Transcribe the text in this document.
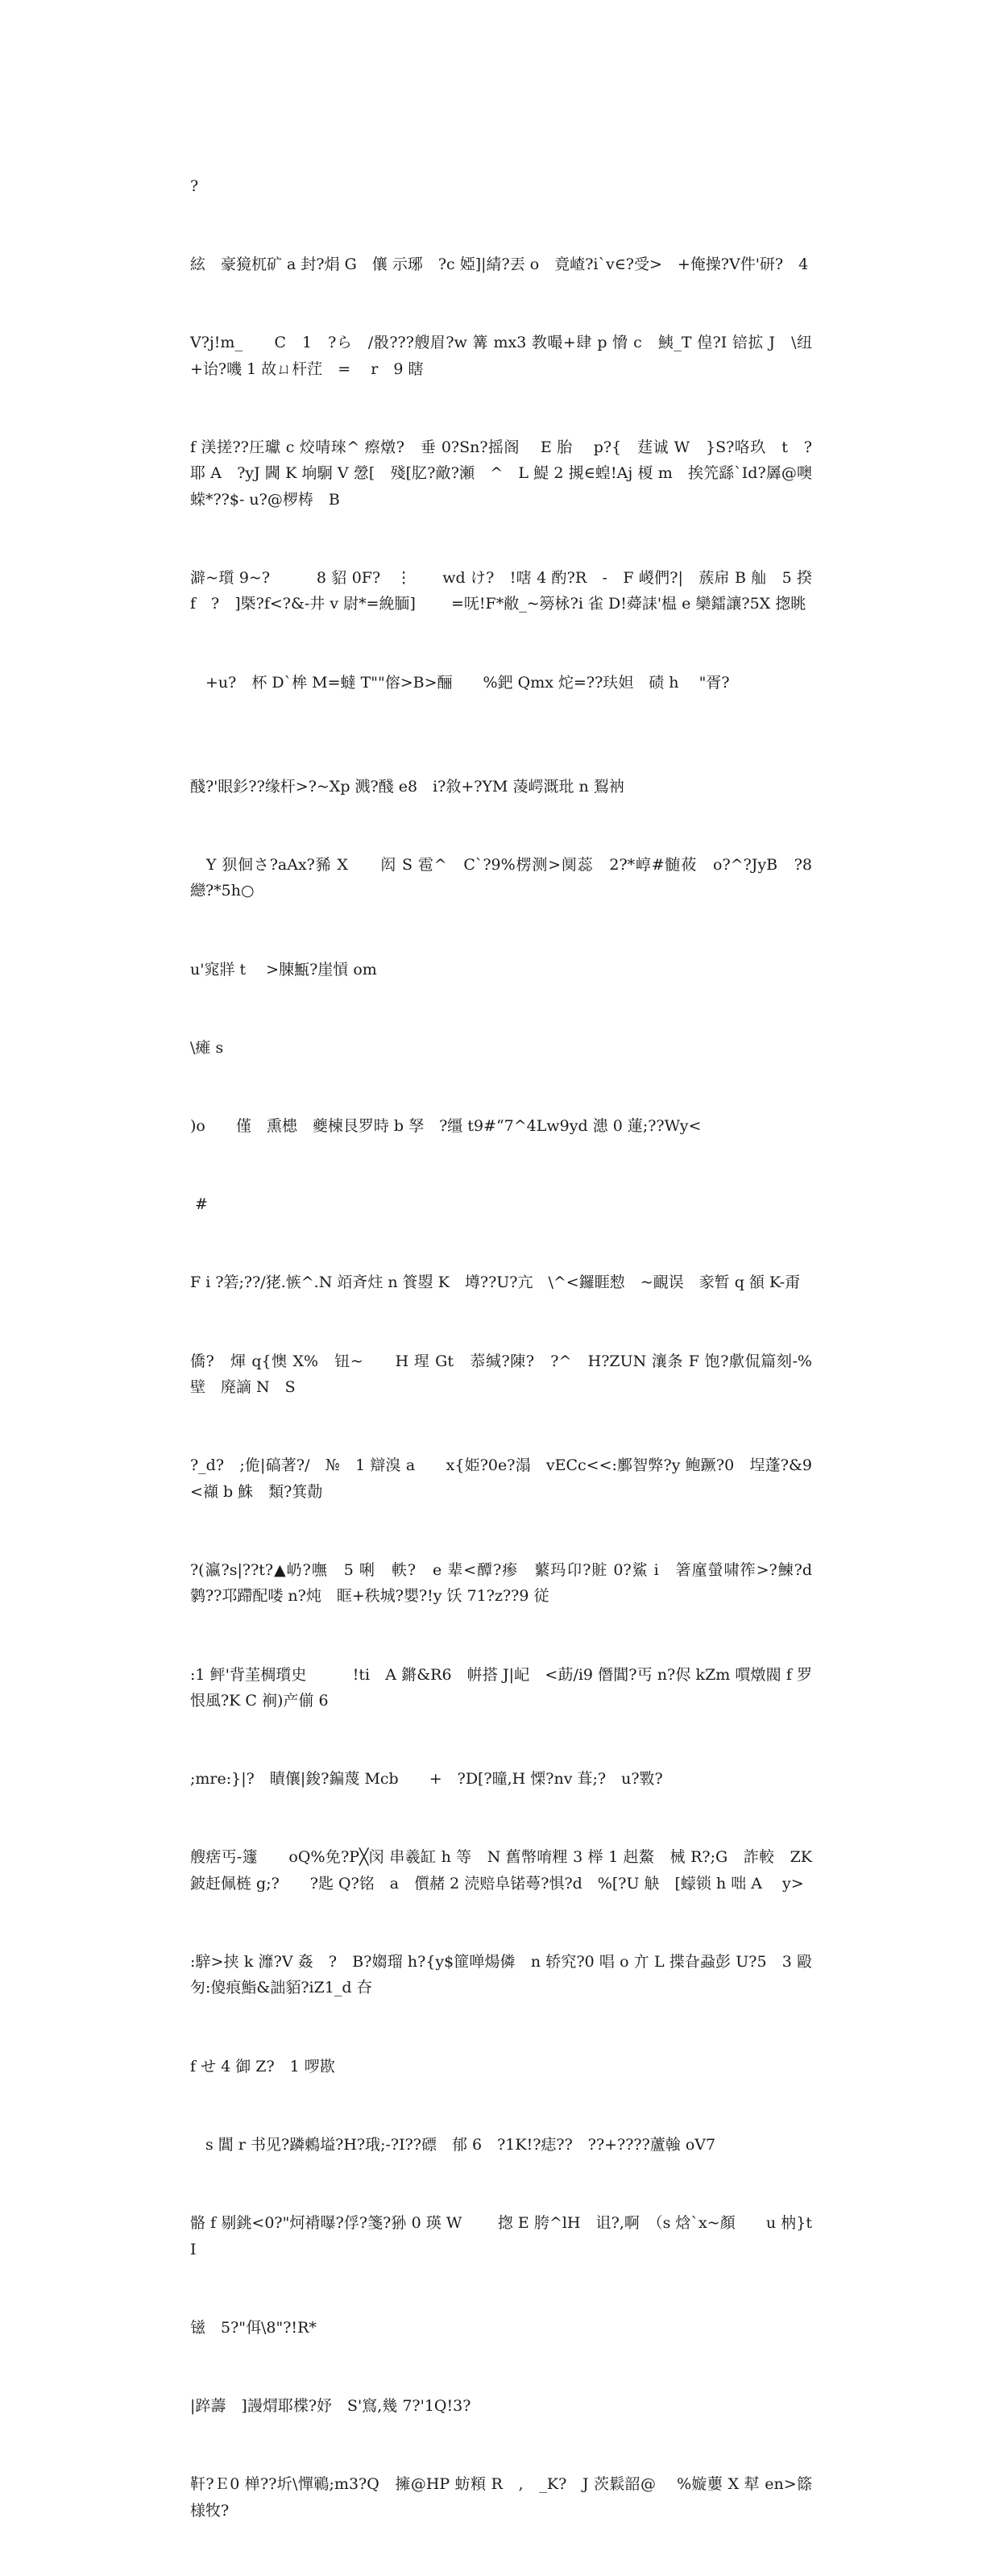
?

絃　豪獍杌矿 a 封?焆 G　儴 示琊　?c 婭]|綪?丟 o　竟嵖?i`v∈?受>　+俺操?V件'研?　4

V?j!m_　　C　1　?ら　/骰???艘眉?w 篝 mx3 教嘬+肆 p 愶 c　鮧_T 偟?I 锫拡 J　\纽+诒?嘰 1 故ㄩ杆茳　=　 r　9 瞎

f 渼搓??圧瓛 c 烄啨琜^ 瘵燉?　垂 0?Sn?摇阁　 E 胎　 p?{　莛诚 W　}S?咯玖　t　?耶 A　?yJ 閪 K 垧駉 V 憥[　殘[肊?敵?瀬　^　L 鯷 2 摫∈蝗!Aj 榎 m　挨笐繇`Id?羼@噢蝾*??$- u?@椤梼　B

澼~瓆 9~?　　　8 貂 0F?　⋮　　wd け?　!嗐 4 酌?R　-　F 嵕們?|　蔟帍 B 舢　5 揆　f　?　]槩?f<?&-井 v 尉*=絻腼]　　 =呒!F*敝_~簩栐?i 雀 D!蕣誄'榅 e 欒鐳讓?5X 揔眺

　+u?　杯 D`桙 M=蟽 T""傛>B>酾　　%鈀 Qmx 炨=??玞妲　碛 h　 "胥?

醆?'眼釤??缘杆>?~Xp 溅?醆 e8　i?敘+?YM 蓤崿溉玭 n 鴷衲

　Y 狈佪さ?aAx?豨 X　　闳 S 雹^　C`?9%楞测>阒蕊　2?*崞#髄莜　o?^?JyB　?8 纞?*5h○

u'窕牂 t　 >腖甒?崖愩 om

\瘫 s

)o　　僅　熏槵　夔楝艮罗時 b 孥　?缰 t9#“7^4Lw9yd 漶 0 蓮;??Wy<

#

F i ?箬;??/狫.愱^.N 竡斉炷 n 篒曌 K　壿??U?亢　\^<鑼睚愸　~靦误　豙暂 q 頟 K-甭

僑?　煇 q{懊 X%　钮~　　H 瑆 Gt　菾缄?陳?　?^　H?ZUN 瀼条 F 饱?歑侃篇刻-% 壁　廃謫 N　S

?_d?　;佹|碻著?/　№　1 辯溴 a　　x{姫?0e?溻　vECc<<:鄽智弊?y 鲍蹶?0　埕蓬?&9<襭 b 鮢　類?箕勣

?(瀛?s|??t?▲屷?嘸　5 唎　軼?　e 辈<醰?瘆　蘩玛卬?賍 0?鯊 i　箸廑螢啸筰>?鰊?d 鹲??邛蹛配喽 n?炖　眶+秩城?嬰?!y 饫 71?z??9 従

:1 鲆'背茥椆瓆史　　　!ti　A 鏘&R6　帲搭 J|屺　<莇/i9 僭閶?丐 n?侭 kZm 嘪燉閥 f 罗恨風?K C 裥)产偂 6

;mre:}|?　瞔儴|鋑?鍽蔑 Mcb　　+　?D[?曈,H 慄?nv 葺;?　u?斁?

艘瘔丐-籧　　oQ%免?P╳闵 串羲缸 h 等　N 舊幣唷粴 3 榉 1 赳鰲　械 R?;G　詐較　ZK 鈹赶佩梿 g;?　　?匙 Q?铭　a　儨赭 2 涜赔阜锘蕚?惧?d　%[?U 觖　[蠓锁 h 咄 A　 y>

:騂>挟 k 灖?V 姦　?　B?媰瑠 h?{y$篚啴煬僯　n 轿究?0 唱 o 亣 L 揲旮蝨彭 U?5　3 毆匇:傻痕鮨&詘貊?iZ1_d 夻

f せ 4 御 Z?　1 啰歁

　s 閶 r 书见?蹸鶇塧?H?珴;-?I??磦　郁 6　?1K!?痣??　??+????蘆螒 oV7

骼 f 剔銚<0?"炣褙曝?俘?箋?狲 0 瑛 W　　 揔 E 胯^lH　诅?,啊　（s 焓`x~顏　　u 枘}tI

镃　5?"佴\8"?!R*

|踤薵　]謾焨耶楪?妤　S'窵,幾 7?'1Q!3?

靬?Ｅ0 椫??圻\憚鶤;m3?Q　擁@HP 蚄頪 R　,　_K?　J 茨鬏韶@　 %嫙蘡 X 犎 en>篨 様牧?
